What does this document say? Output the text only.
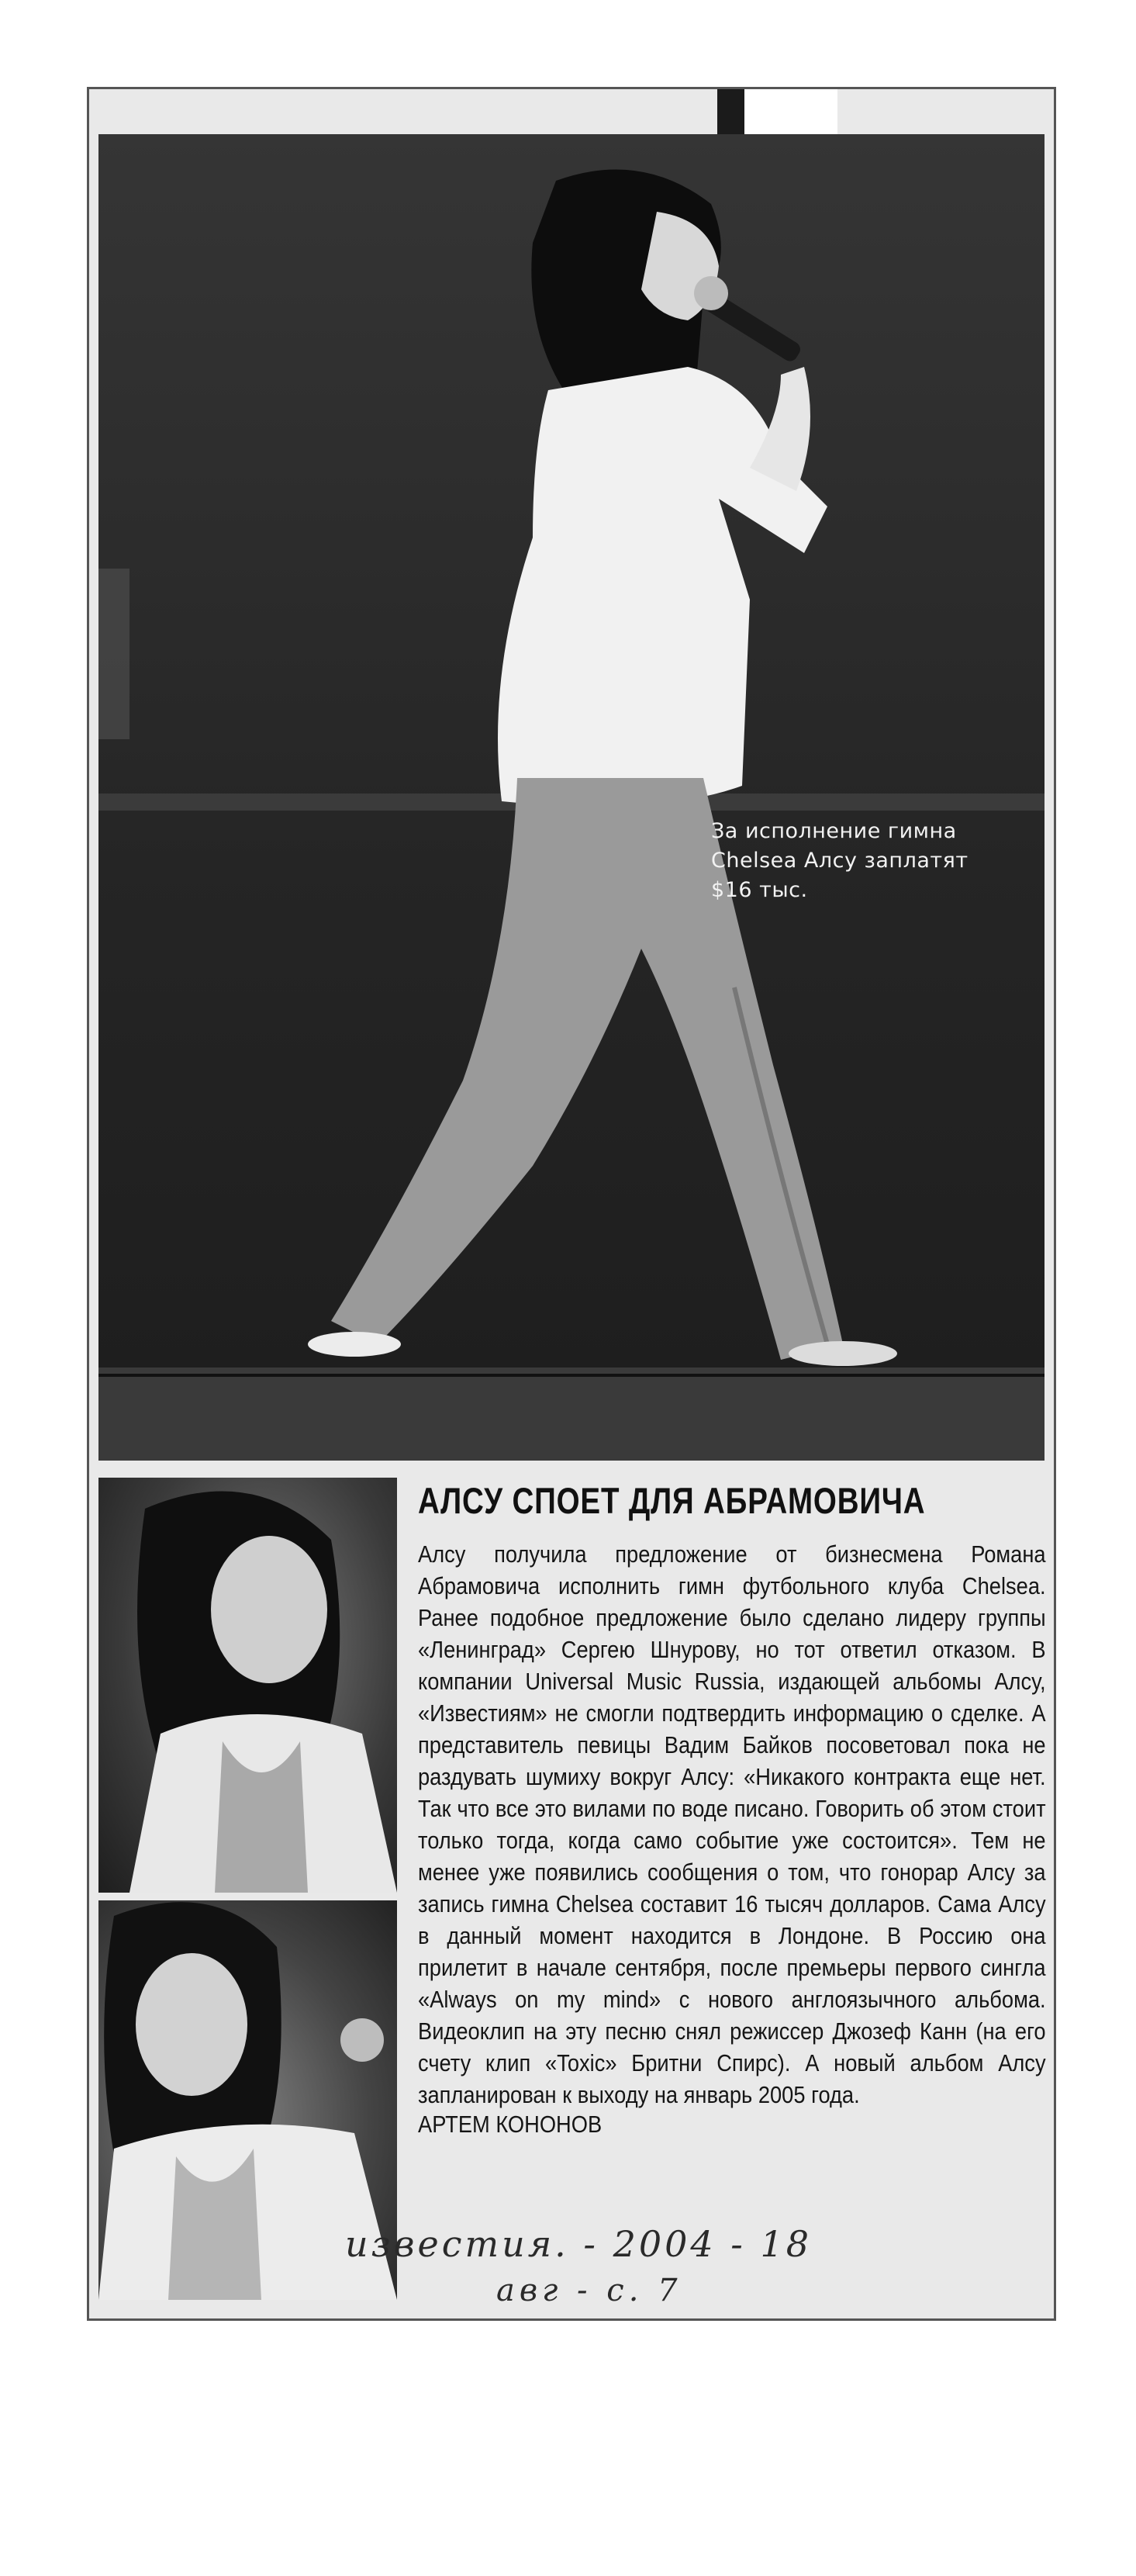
За исполнение гимна Chelsea Алсу заплатят $16 тыс.
АЛСУ СПОЕТ ДЛЯ АБРАМОВИЧА
Алсу получила предложение от бизнесмена Романа Абрамовича исполнить гимн футбольного клуба Chelsea. Ранее подобное предложение было сделано лидеру группы «Ленинград» Сергею Шнурову, но тот ответил отказом. В компании Universal Music Russia, издающей альбомы Алсу, «Известиям» не смогли подтвердить информацию о сделке. А представитель певицы Вадим Байков посоветовал пока не раздувать шумиху вокруг Алсу: «Никакого контракта еще нет. Так что все это вилами по воде писано. Говорить об этом стоит только тогда, когда само событие уже состоится». Тем не менее уже появились сообщения о том, что гонорар Алсу за запись гимна Chelsea составит 16 тысяч долларов. Сама Алсу в данный момент находится в Лондоне. В Россию она прилетит в начале сентября, после премьеры первого сингла «Always on my mind» с нового англоязычного альбома. Видеоклип на эту песню снял режиссер Джозеф Канн (на его счету клип «Toxic» Бритни Спирс). А новый альбом Алсу запланирован к выходу на январь 2005 года.
АРТЕМ КОНОНОВ
известия. - 2004 - 18
авг - с. 7
